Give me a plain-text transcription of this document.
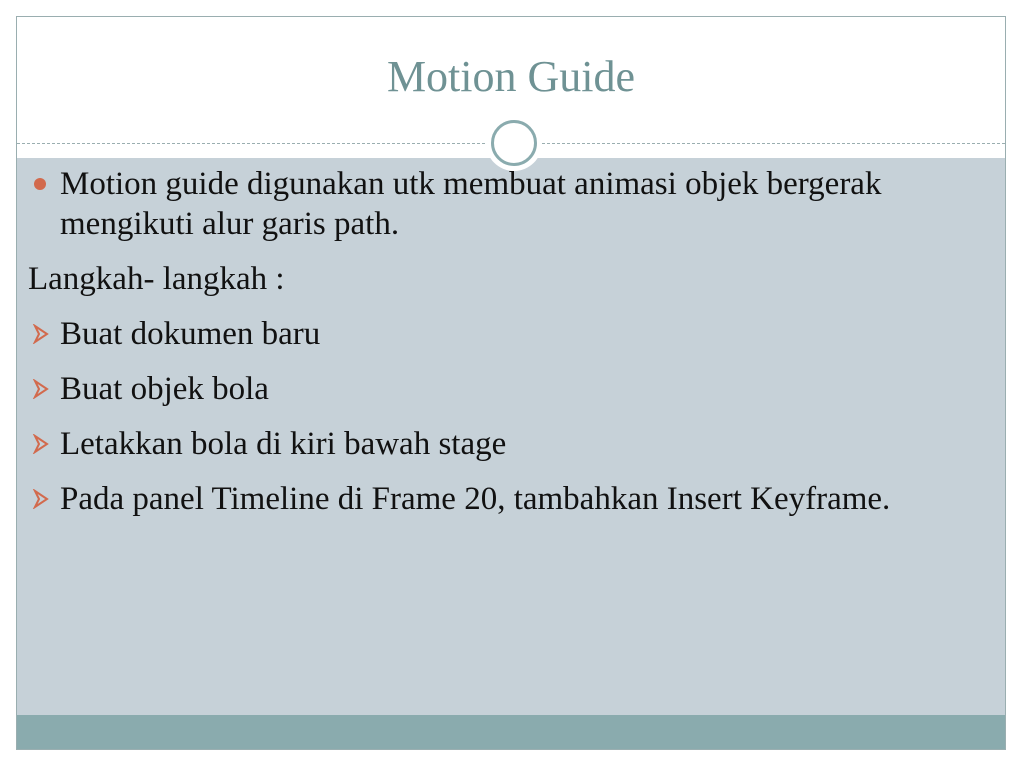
Motion Guide
Motion guide digunakan utk membuat animasi objek bergerak mengikuti alur garis path.
Langkah- langkah :
Buat dokumen baru
Buat objek bola
Letakkan bola di kiri bawah stage
Pada panel Timeline di Frame 20, tambahkan Insert Keyframe.
